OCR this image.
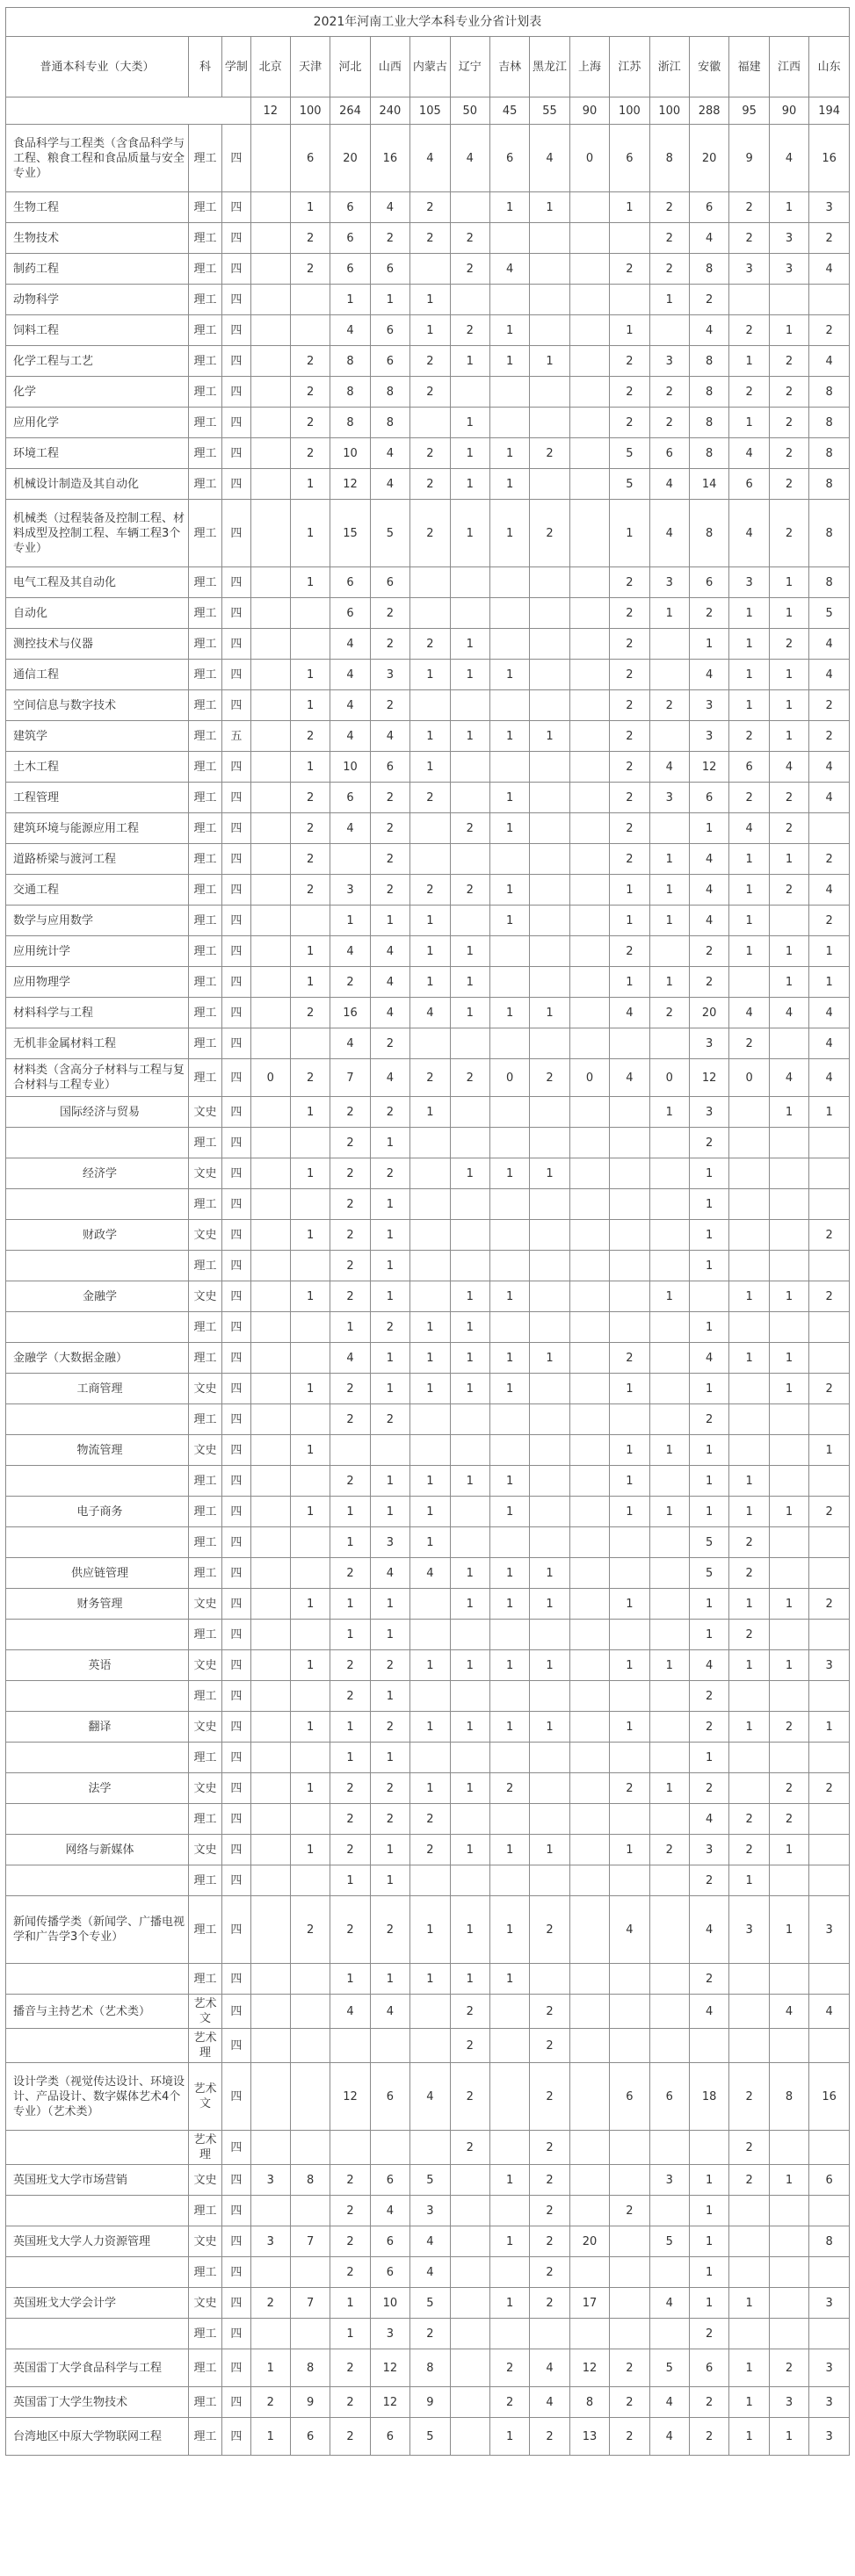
2021年河南工业大学本科专业分省计划表																	
普通本科专业（大类）	科	学制	北京	天津	河北	山西	内蒙古	辽宁	吉林	黑龙江	上海	江苏	浙江	安徽	福建	江西	山东
			12	100	264	240	105	50	45	55	90	100	100	288	95	90	194
食品科学与工程类（含食品科学与工程、粮食工程和食品质量与安全专业）	理工	四		6	20	16	4	4	6	4	0	6	8	20	9	4	16
生物工程	理工	四		1	6	4	2		1	1		1	2	6	2	1	3
生物技术	理工	四		2	6	2	2	2					2	4	2	3	2
制药工程	理工	四		2	6	6		2	4			2	2	8	3	3	4
动物科学	理工	四			1	1	1						1	2			
饲料工程	理工	四			4	6	1	2	1			1		4	2	1	2
化学工程与工艺	理工	四		2	8	6	2	1	1	1		2	3	8	1	2	4
化学	理工	四		2	8	8	2					2	2	8	2	2	8
应用化学	理工	四		2	8	8		1				2	2	8	1	2	8
环境工程	理工	四		2	10	4	2	1	1	2		5	6	8	4	2	8
机械设计制造及其自动化	理工	四		1	12	4	2	1	1			5	4	14	6	2	8
机械类（过程装备及控制工程、材料成型及控制工程、车辆工程3个专业）	理工	四		1	15	5	2	1	1	2		1	4	8	4	2	8
电气工程及其自动化	理工	四		1	6	6						2	3	6	3	1	8
自动化	理工	四			6	2						2	1	2	1	1	5
测控技术与仪器	理工	四			4	2	2	1				2		1	1	2	4
通信工程	理工	四		1	4	3	1	1	1			2		4	1	1	4
空间信息与数字技术	理工	四		1	4	2						2	2	3	1	1	2
建筑学	理工	五		2	4	4	1	1	1	1		2		3	2	1	2
土木工程	理工	四		1	10	6	1					2	4	12	6	4	4
工程管理	理工	四		2	6	2	2		1			2	3	6	2	2	4
建筑环境与能源应用工程	理工	四		2	4	2		2	1			2		1	4	2	
道路桥梁与渡河工程	理工	四		2		2						2	1	4	1	1	2
交通工程	理工	四		2	3	2	2	2	1			1	1	4	1	2	4
数学与应用数学	理工	四			1	1	1		1			1	1	4	1		2
应用统计学	理工	四		1	4	4	1	1				2		2	1	1	1
应用物理学	理工	四		1	2	4	1	1				1	1	2		1	1
材料科学与工程	理工	四		2	16	4	4	1	1	1		4	2	20	4	4	4
无机非金属材料工程	理工	四			4	2								3	2		4
材料类（含高分子材料与工程与复合材料与工程专业）	理工	四	0	2	7	4	2	2	0	2	0	4	0	12	0	4	4
国际经济与贸易	文史	四		1	2	2	1						1	3		1	1
	理工	四			2	1								2			
经济学	文史	四		1	2	2		1	1	1				1			
	理工	四			2	1								1			
财政学	文史	四		1	2	1								1			2
	理工	四			2	1								1			
金融学	文史	四		1	2	1		1	1				1		1	1	2
	理工	四			1	2	1	1						1			
金融学（大数据金融）	理工	四			4	1	1	1	1	1		2		4	1	1	
工商管理	文史	四		1	2	1	1	1	1			1		1		1	2
	理工	四			2	2								2			
物流管理	文史	四		1								1	1	1			1
	理工	四			2	1	1	1	1			1		1	1		
电子商务	理工	四		1	1	1	1		1			1	1	1	1	1	2
	理工	四			1	3	1							5	2		
供应链管理	理工	四			2	4	4	1	1	1				5	2		
财务管理	文史	四		1	1	1		1	1	1		1		1	1	1	2
	理工	四			1	1								1	2		
英语	文史	四		1	2	2	1	1	1	1		1	1	4	1	1	3
	理工	四			2	1								2			
翻译	文史	四		1	1	2	1	1	1	1		1		2	1	2	1
	理工	四			1	1								1			
法学	文史	四		1	2	2	1	1	2			2	1	2		2	2
	理工	四			2	2	2							4	2	2	
网络与新媒体	文史	四		1	2	1	2	1	1	1		1	2	3	2	1	
	理工	四			1	1								2	1		
新闻传播学类（新闻学、广播电视学和广告学3个专业）	理工	四		2	2	2	1	1	1	2		4		4	3	1	3
	理工	四			1	1	1	1	1					2			
播音与主持艺术（艺术类）	艺术文	四			4	4		2		2				4		4	4
	艺术理	四						2		2							
设计学类（视觉传达设计、环境设计、产品设计、数字媒体艺术4个专业）（艺术类）	艺术文	四			12	6	4	2		2		6	6	18	2	8	16
	艺术理	四						2		2					2		
英国班戈大学市场营销	文史	四	3	8	2	6	5		1	2			3	1	2	1	6
	理工	四			2	4	3			2		2		1			
英国班戈大学人力资源管理	文史	四	3	7	2	6	4		1	2	20		5	1			8
	理工	四			2	6	4			2				1			
英国班戈大学会计学	文史	四	2	7	1	10	5		1	2	17		4	1	1		3
	理工	四			1	3	2							2			
英国雷丁大学食品科学与工程	理工	四	1	8	2	12	8		2	4	12	2	5	6	1	2	3
英国雷丁大学生物技术	理工	四	2	9	2	12	9		2	4	8	2	4	2	1	3	3
台湾地区中原大学物联网工程	理工	四	1	6	2	6	5		1	2	13	2	4	2	1	1	3
